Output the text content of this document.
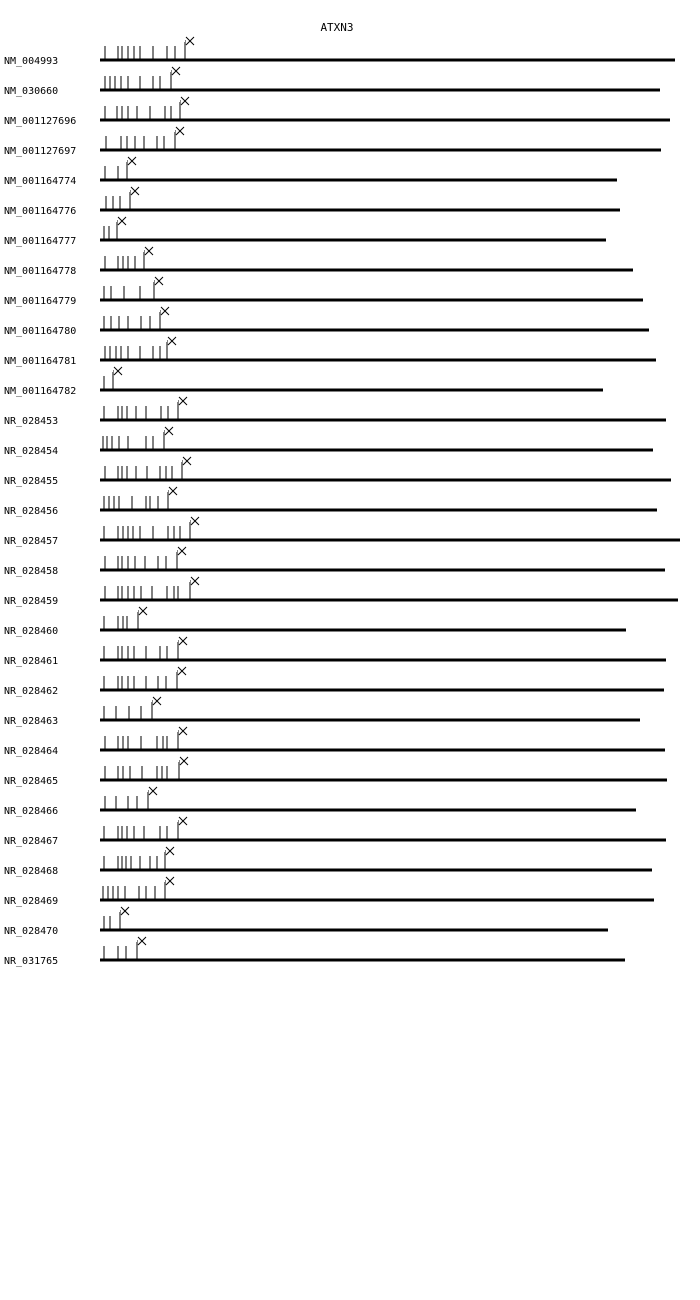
ATXN3
NM_004993
NM_030660
NM_001127696
NM_001127697
NM_001164774
NM_001164776
NM_001164777
NM_001164778
NM_001164779
NM_001164780
NM_001164781
NM_001164782
NR_028453
NR_028454
NR_028455
NR_028456
NR_028457
NR_028458
NR_028459
NR_028460
NR_028461
NR_028462
NR_028463
NR_028464
NR_028465
NR_028466
NR_028467
NR_028468
NR_028469
NR_028470
NR_031765
